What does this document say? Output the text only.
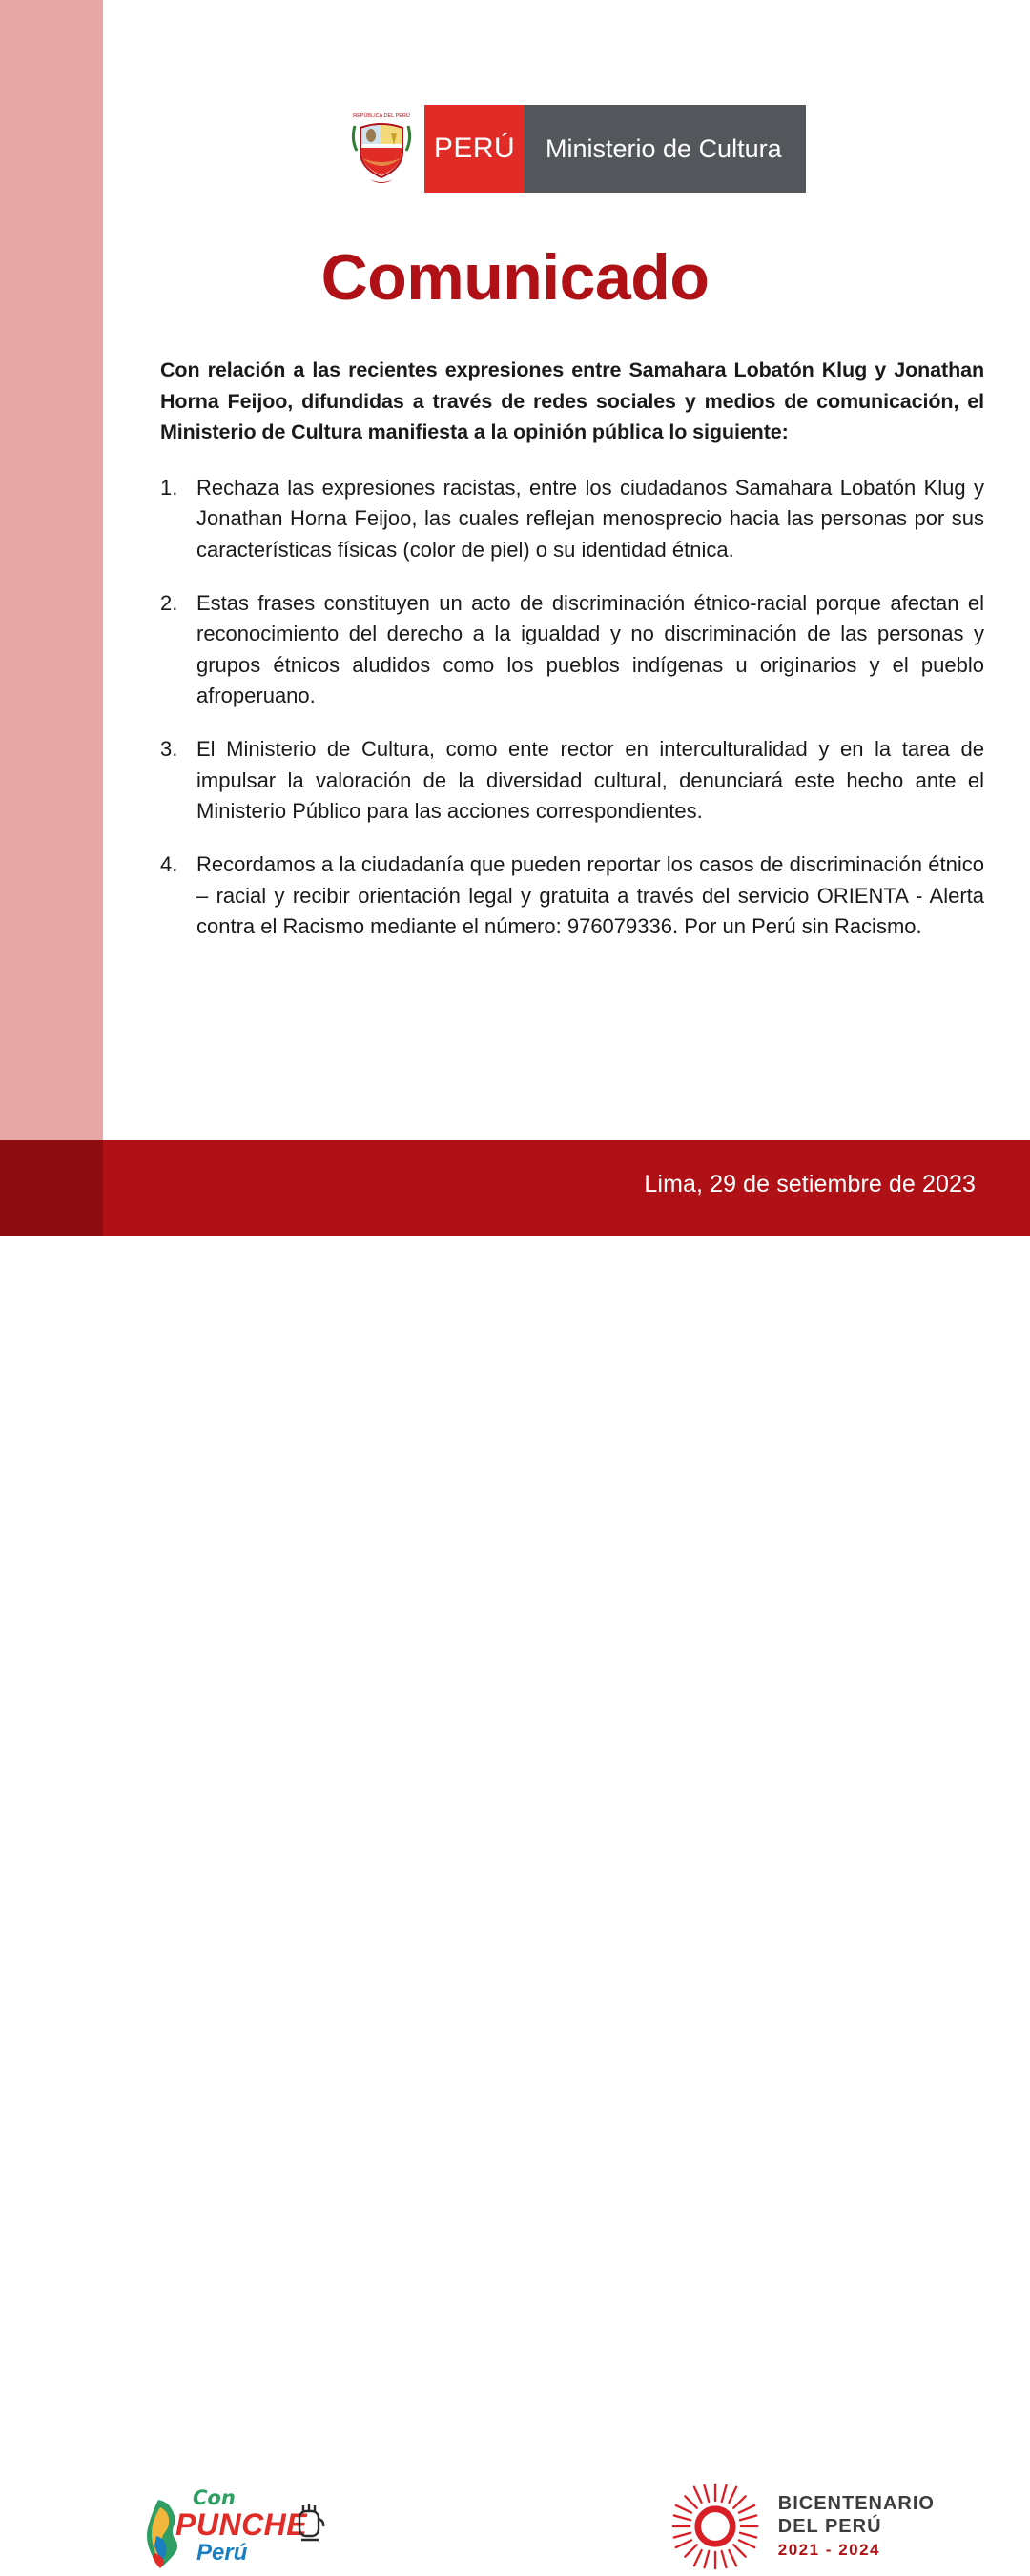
REPÚBLICA DEL PERÚ
PERÚ Ministerio de Cultura
Comunicado

Con relación a las recientes expresiones entre Samahara Lobatón Klug y Jonathan Horna Feijoo, difundidas a través de redes sociales y medios de comunicación, el Ministerio de Cultura manifiesta a la opinión pública lo siguiente:

1. Rechaza las expresiones racistas, entre los ciudadanos Samahara Lobatón Klug y Jonathan Horna Feijoo, las cuales reflejan menosprecio hacia las personas por sus características físicas (color de piel) o su identidad étnica.
2. Estas frases constituyen un acto de discriminación étnico-racial porque afectan el reconocimiento del derecho a la igualdad y no discriminación de las personas y grupos étnicos aludidos como los pueblos indígenas u originarios y el pueblo afroperuano.
3. El Ministerio de Cultura, como ente rector en interculturalidad y en la tarea de impulsar la valoración de la diversidad cultural, denunciará este hecho ante el Ministerio Público para las acciones correspondientes.
4. Recordamos a la ciudadanía que pueden reportar los casos de discriminación étnico – racial y recibir orientación legal y gratuita a través del servicio ORIENTA - Alerta contra el Racismo mediante el número: 976079336. Por un Perú sin Racismo.
Lima, 29 de setiembre de 2023
Con
PUNCHE
Perú
BICENTENARIO
DEL PERÚ
2021 - 2024
